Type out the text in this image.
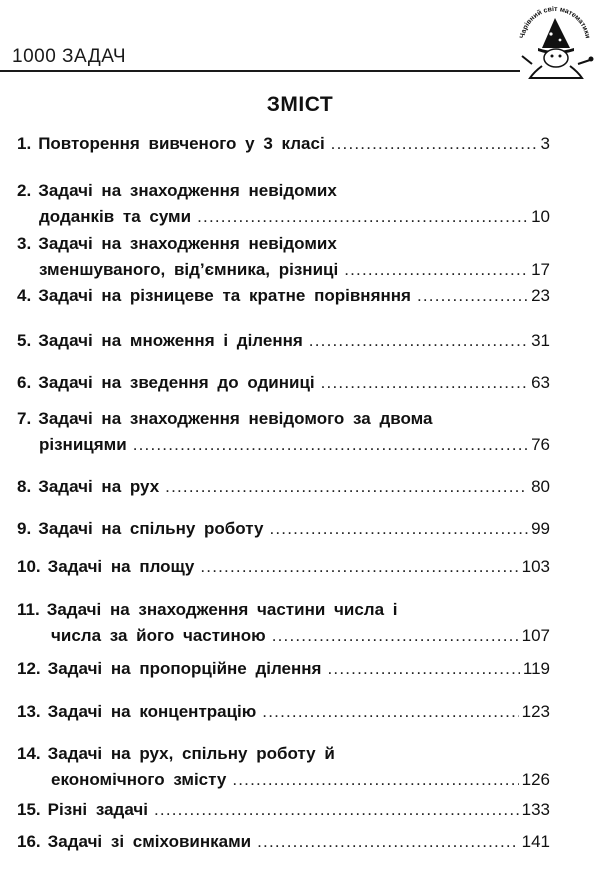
1000 ЗАДАЧ
Чарівний світ математики
ЗМІСТ
1. Повторення вивченого у 3 класі .....	3
2. Задачі на знаходження невідомих
доданків та суми .....	10
3. Задачі на знаходження невідомих
зменшуваного, від’ємника, різниці .....	17
4. Задачі на різницеве та кратне порівняння .....	23
5. Задачі на множення і ділення .....	31
6. Задачі на зведення до одиниці .....	63
7. Задачі на знаходження невідомого за двома
різницями .....	76
8. Задачі на рух .....	80
9. Задачі на спільну роботу .....	99
10. Задачі на площу .....	103
11. Задачі на знаходження частини числа і
числа за його частиною .....	107
12. Задачі на пропорційне ділення .....	119
13. Задачі на концентрацію .....	123
14. Задачі на рух, спільну роботу й
економічного змісту .....	126
15. Різні задачі .....	133
16. Задачі зі сміховинками .....	141
